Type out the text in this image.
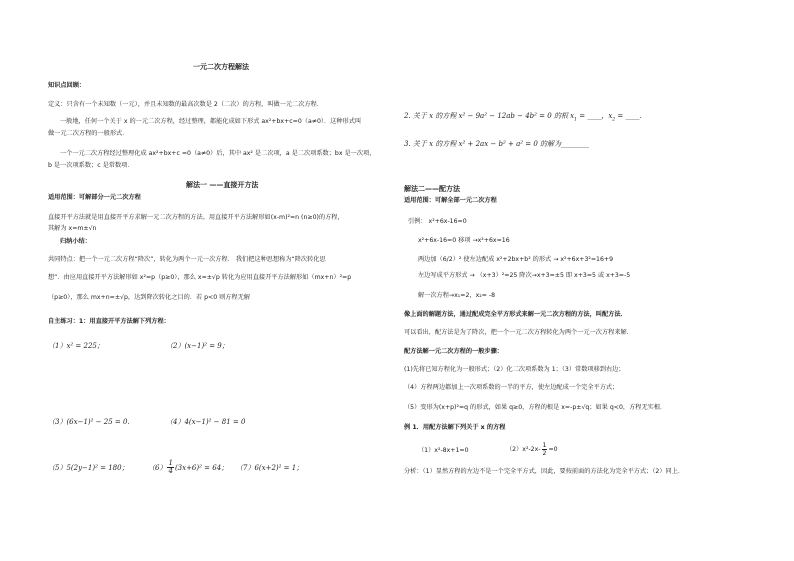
一元二次方程解法
知识点回顾：
定义：只含有一个未知数（一元），并且未知数的最高次数是 2（二次）的方程，叫做一元二次方程．
一般地，任何一个关于 x 的一元二次方程，经过整理，都能化成如下形式 ax²+bx+c=0（a≠0）．这种形式叫
做一元二次方程的一般形式．
一个一元二次方程经过整理化成 ax²+bx+c =0（a≠0）后，其中 ax² 是二次项，a 是二次项系数；bx 是一次项，
b 是一次项系数；c 是常数项．
解法一 ——直接开方法
适用范围：可解部分一元二次方程
直接开平方法就是用直接开平方求解一元二次方程的方法。用直接开平方法解形如(x-m)²=n (n≥0)的方程，
其解为 x=m±√n
归纳小结：
共同特点：把一个一元二次方程“降次”，转化为两个一元一次方程． 我们把这种思想称为“降次转化思
想”．由应用直接开平方法解形如 x²=p（p≥0），那么 x=±√p 转化为应用直接开平方法解形如（mx+n）²=p
（p≥0），那么 mx+n=±√p，达到降次转化之目的．若 p<0 则方程无解
自主练习：1：用直接开平方法解下列方程：
（1）x² = 225；	（2）(x−1)² = 9；
（3）(6x−1)² − 25 = 0．	（4）4(x−1)² − 81 = 0
（5）5(2y−1)² = 180；	$(6) \frac{1}{4} (3x+6)^2 = 64$； （7）6(x+2)² = 1；
2. 关于 x 的方程 x² − 9a² − 12ab − 4b² = 0 的根 $x_1$ = ____，$x_2$ = ____．
3. 关于 x 的方程 x² + 2ax − b² + a² = 0 的解为________
解法二——配方法
适用范围：可解全部一元二次方程
引例： x²+6x-16=0
x²+6x-16=0 移项 →x²+6x=16
两边加（6/2）² 使左边配成 x²+2bx+b² 的形式 → x²+6x+3²=16+9
左边写成平方形式 → （x+3）²=25 降次→x+3=±5 即 x+3=5 或 x+3=-5
解一次方程→x₁=2，x₂= -8
像上面的解题方法，通过配成完全平方形式来解一元二次方程的方法，叫配方法．
可以看出，配方法是为了降次，把一个一元二次方程转化为两个一元一次方程来解．
配方法解一元二次方程的一般步骤：
(1)先将已知方程化为一般形式；（2）化二次项系数为 1；（3）常数项移到右边；
（4）方程两边都加上一次项系数的一半的平方，使左边配成一个完全平方式；
（5）变形为(x+p)²=q 的形式，如果 q≥0，方程的根是 x=-p±√q；如果 q<0，方程无实根．
例 1．用配方法解下列关于 x 的方程
（1）x²-8x+1=0	$(2)x^2-2x- \frac{1}{2} =0$
分析：（1）显然方程的左边不是一个完全平方式，因此，要按前面的方法化为完全平方式；（2）同上．
